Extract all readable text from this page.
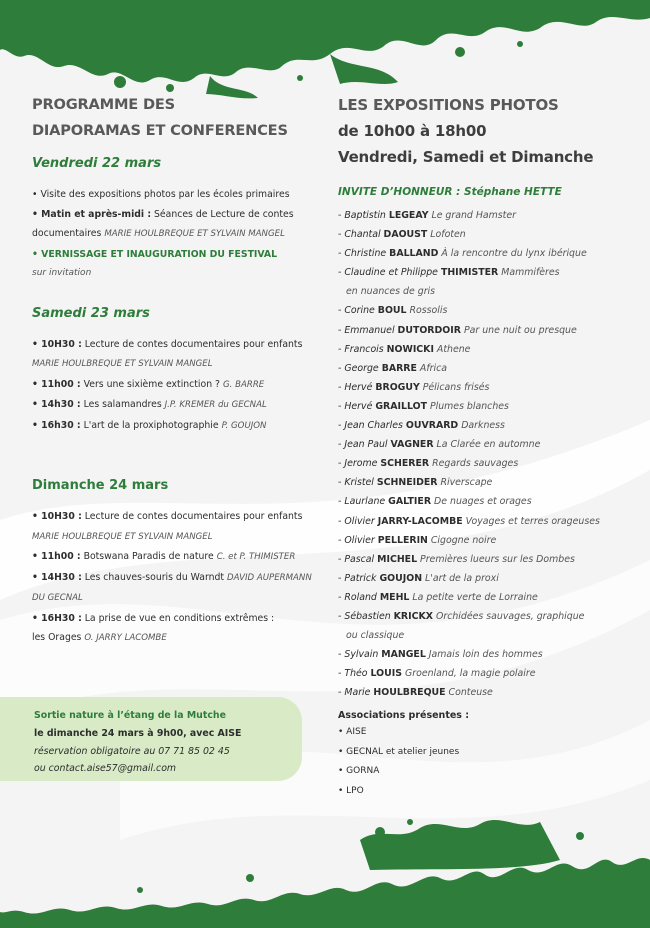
PROGRAMME DES
DIAPORAMAS ET CONFERENCES
Vendredi 22 mars
• Visite des expositions photos par les écoles primaires
• Matin et après-midi : Séances de Lecture de contes
documentaires MARIE HOULBREQUE ET SYLVAIN MANGEL
• VERNISSAGE ET INAUGURATION DU FESTIVAL
sur invitation
Samedi 23 mars
• 10H30 : Lecture de contes documentaires pour enfants
MARIE HOULBREQUE ET SYLVAIN MANGEL
• 11h00 : Vers une sixième extinction ? G. BARRE
• 14h30 : Les salamandres J.P. KREMER du GECNAL
• 16h30 : L'art de la proxiphotographie P. GOUJON
Dimanche 24 mars
• 10H30 : Lecture de contes documentaires pour enfants
MARIE HOULBREQUE ET SYLVAIN MANGEL
• 11h00 : Botswana Paradis de nature C. et P. THIMISTER
• 14H30 : Les chauves-souris du Warndt DAVID AUPERMANN
DU GECNAL
• 16H30 : La prise de vue en conditions extrêmes :
les Orages O. JARRY LACOMBE
Sortie nature à l’étang de la Mutche
le dimanche 24 mars à 9h00, avec AISE
réservation obligatoire au 07 71 85 02 45
ou contact.aise57@gmail.com
LES EXPOSITIONS PHOTOS
de 10h00 à 18h00
Vendredi, Samedi et Dimanche
INVITE D’HONNEUR : Stéphane HETTE
- Baptistin LEGEAY Le grand Hamster
- Chantal DAOUST Lofoten
- Christine BALLAND À la rencontre du lynx ibérique
- Claudine et Philippe THIMISTER Mammifères
en nuances de gris
- Corine BOUL Rossolis
- Emmanuel DUTORDOIR Par une nuit ou presque
- Francois NOWICKI Athene
- George BARRE Africa
- Hervé BROGUY Pélicans frisés
- Hervé GRAILLOT Plumes blanches
- Jean Charles OUVRARD Darkness
- Jean Paul VAGNER La Clarée en automne
- Jerome SCHERER Regards sauvages
- Kristel SCHNEIDER Riverscape
- Laurlane GALTIER De nuages et orages
- Olivier JARRY-LACOMBE Voyages et terres orageuses
- Olivier PELLERIN Cigogne noire
- Pascal MICHEL Premières lueurs sur les Dombes
- Patrick GOUJON L'art de la proxi
- Roland MEHL La petite verte de Lorraine
- Sébastien KRICKX Orchidées sauvages, graphique
ou classique
- Sylvain MANGEL Jamais loin des hommes
- Théo LOUIS Groenland, la magie polaire
- Marie HOULBREQUE Conteuse
Associations présentes :
• AISE
• GECNAL et atelier jeunes
• GORNA
• LPO
